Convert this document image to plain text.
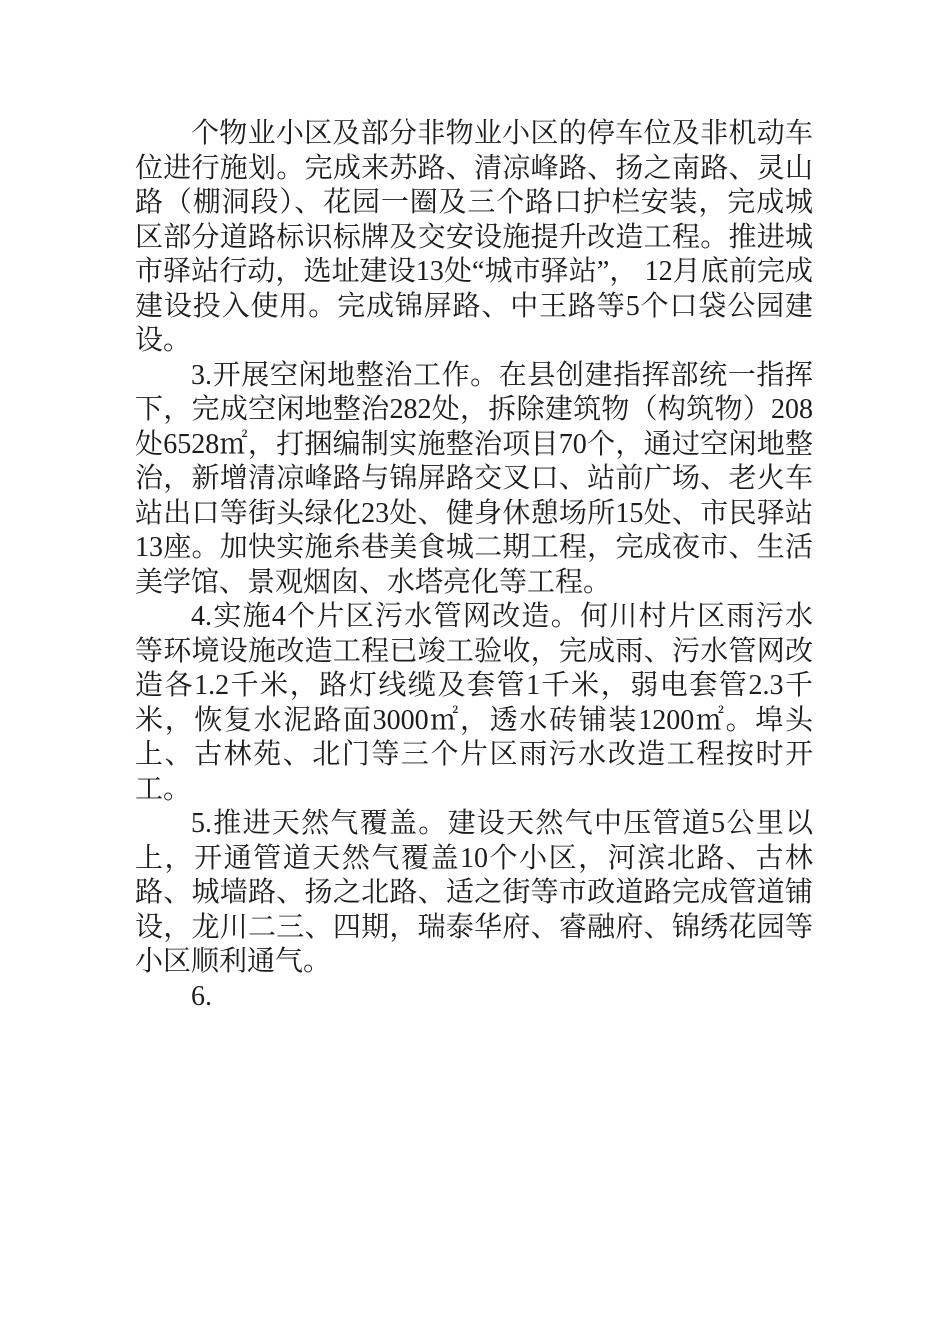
个物业小区及部分非物业小区的停车位及非机动车位进行施划。完成来苏路、清凉峰路、扬之南路、灵山路（棚洞段）、花园一圈及三个路口护栏安装，完成城区部分道路标识标牌及交安设施提升改造工程。推进城市驿站行动，选址建设13处“城市驿站”， 12月底前完成建设投入使用。完成锦屏路、中王路等5个口袋公园建设。

3.开展空闲地整治工作。在县创建指挥部统一指挥下，完成空闲地整治282处，拆除建筑物（构筑物）208处6528㎡，打捆编制实施整治项目70个，通过空闲地整治，新增清凉峰路与锦屏路交叉口、站前广场、老火车站出口等街头绿化23处、健身休憩场所15处、市民驿站13座。加快实施糸巷美食城二期工程，完成夜市、生活美学馆、景观烟囱、水塔亮化等工程。

4.实施4个片区污水管网改造。何川村片区雨污水等环境设施改造工程已竣工验收，完成雨、污水管网改造各1.2千米，路灯线缆及套管1千米，弱电套管2.3千米，恢复水泥路面3000㎡，透水砖铺装1200㎡。埠头上、古林苑、北门等三个片区雨污水改造工程按时开工。

5.推进天然气覆盖。建设天然气中压管道5公里以上，开通管道天然气覆盖10个小区，河滨北路、古林路、城墙路、扬之北路、适之街等市政道路完成管道铺设，龙川二三、四期，瑞泰华府、睿融府、锦绣花园等小区顺利通气。

6.
